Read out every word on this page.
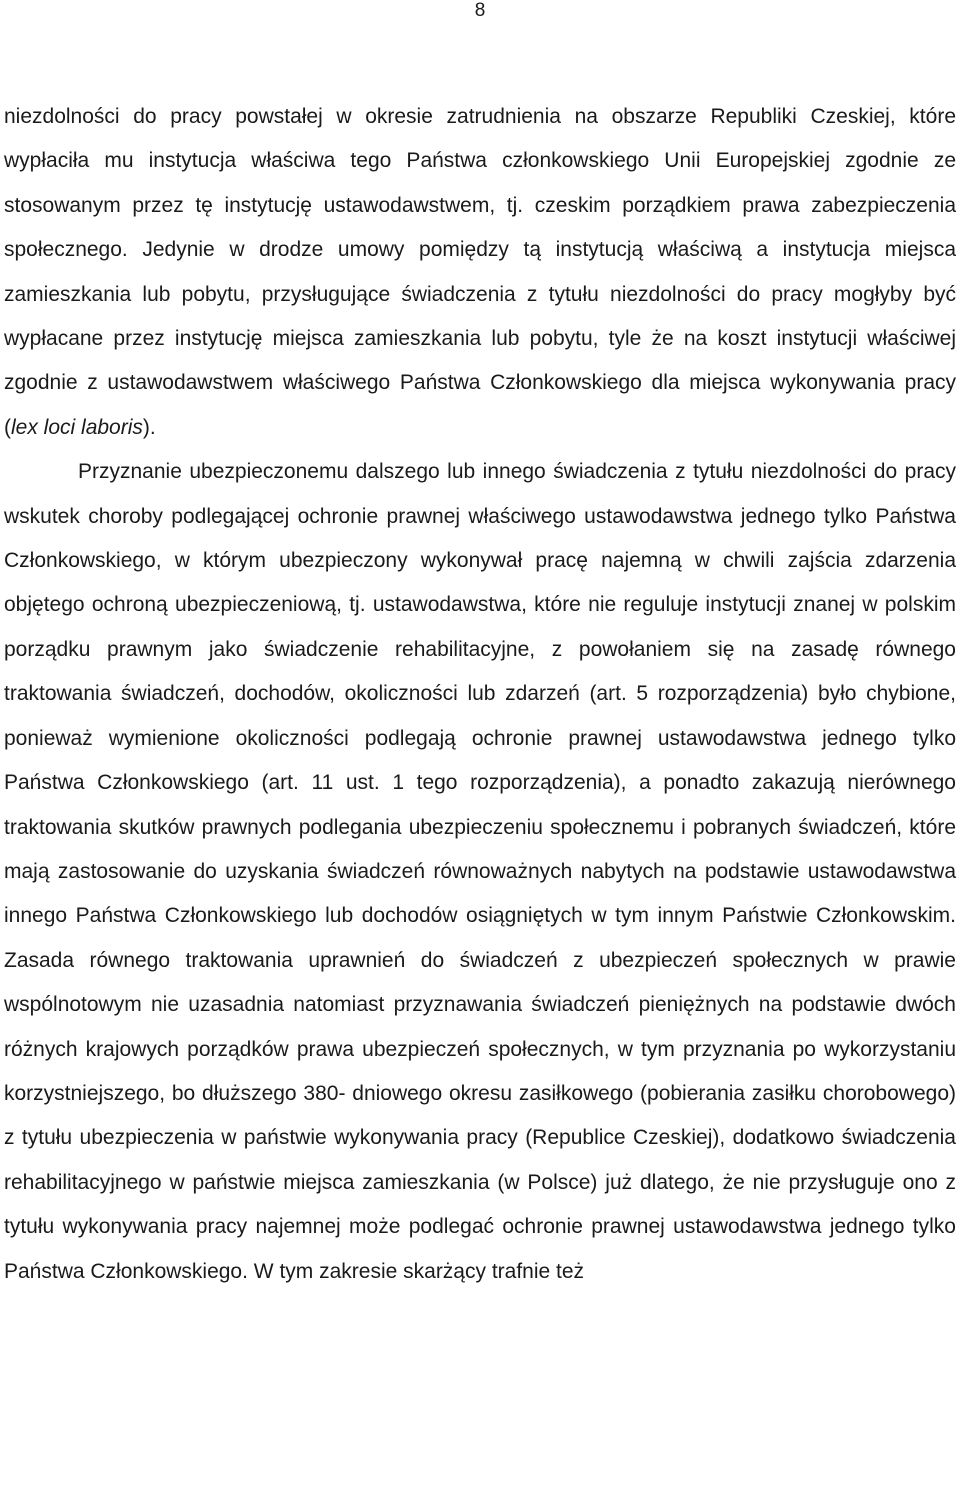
8

niezdolności do pracy powstałej w okresie zatrudnienia na obszarze Republiki Czeskiej, które wypłaciła mu instytucja właściwa tego Państwa członkowskiego Unii Europejskiej zgodnie ze stosowanym przez tę instytucję ustawodawstwem, tj. czeskim porządkiem prawa zabezpieczenia społecznego. Jedynie w drodze umowy pomiędzy tą instytucją właściwą a instytucja miejsca zamieszkania lub pobytu, przysługujące świadczenia z tytułu niezdolności do pracy mogłyby być wypłacane przez instytucję miejsca zamieszkania lub pobytu, tyle że na koszt instytucji właściwej zgodnie z ustawodawstwem właściwego Państwa Członkowskiego dla miejsca wykonywania pracy (lex loci laboris).

Przyznanie ubezpieczonemu dalszego lub innego świadczenia z tytułu niezdolności do pracy wskutek choroby podlegającej ochronie prawnej właściwego ustawodawstwa jednego tylko Państwa Członkowskiego, w którym ubezpieczony wykonywał pracę najemną w chwili zajścia zdarzenia objętego ochroną ubezpieczeniową, tj. ustawodawstwa, które nie reguluje instytucji znanej w polskim porządku prawnym jako świadczenie rehabilitacyjne, z powołaniem się na zasadę równego traktowania świadczeń, dochodów, okoliczności lub zdarzeń (art. 5 rozporządzenia) było chybione, ponieważ wymienione okoliczności podlegają ochronie prawnej ustawodawstwa jednego tylko Państwa Członkowskiego (art. 11 ust. 1 tego rozporządzenia), a ponadto zakazują nierównego traktowania skutków prawnych podlegania ubezpieczeniu społecznemu i pobranych świadczeń, które mają zastosowanie do uzyskania świadczeń równoważnych nabytych na podstawie ustawodawstwa innego Państwa Członkowskiego lub dochodów osiągniętych w tym innym Państwie Członkowskim. Zasada równego traktowania uprawnień do świadczeń z ubezpieczeń społecznych w prawie wspólnotowym nie uzasadnia natomiast przyznawania świadczeń pieniężnych na podstawie dwóch różnych krajowych porządków prawa ubezpieczeń społecznych, w tym przyznania po wykorzystaniu korzystniejszego, bo dłuższego 380- dniowego okresu zasiłkowego (pobierania zasiłku chorobowego) z tytułu ubezpieczenia w państwie wykonywania pracy (Republice Czeskiej), dodatkowo świadczenia rehabilitacyjnego w państwie miejsca zamieszkania (w Polsce) już dlatego, że nie przysługuje ono z tytułu wykonywania pracy najemnej może podlegać ochronie prawnej ustawodawstwa jednego tylko Państwa Członkowskiego. W tym zakresie skarżący trafnie też
